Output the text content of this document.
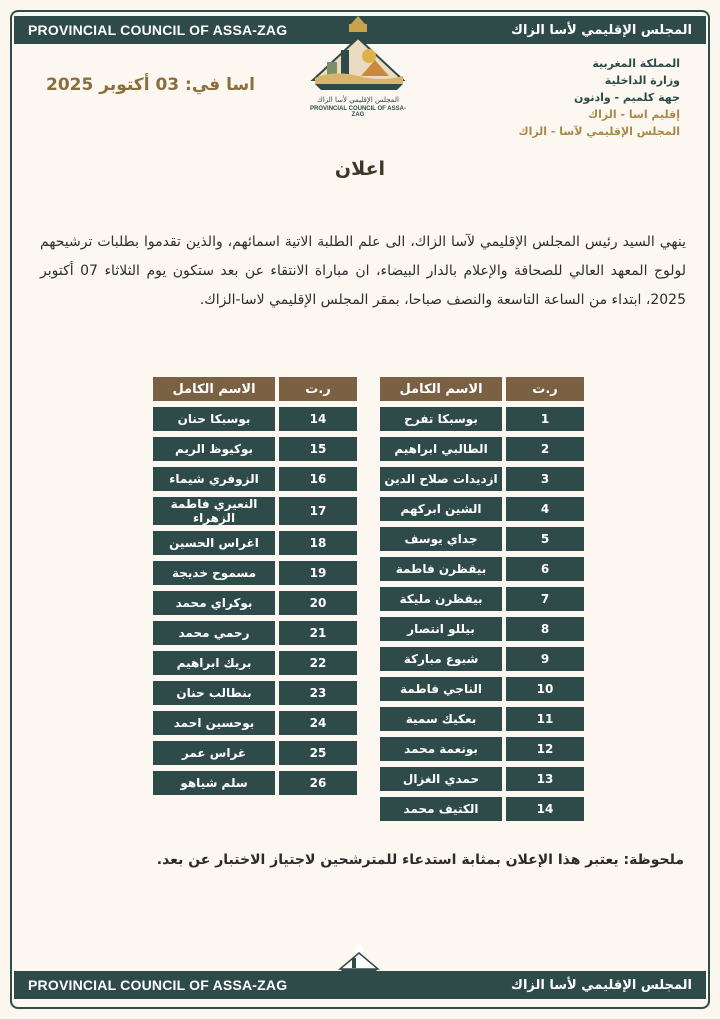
PROVINCIAL COUNCIL OF ASSA-ZAG	المجلس الإقليمي لأسا الزاك
المجلس الإقليمي لأسا الزاك
PROVINCIAL COUNCIL OF ASSA-ZAG
اسا في: 03 أكتوبر 2025
المملكة المغربية
وزارة الداخلية
جهة كلميم - وادنون
إقليم اسا - الزاك
المجلس الإقليمي لآسا - الزاك
اعلان
ينهي السيد رئيس المجلس الإقليمي لآسا الزاك، الى علم الطلبة الاتية اسمائهم، والذين تقدموا بطلبات ترشيحهم لولوج المعهد العالي للصحافة والإعلام بالدار البيضاء، ان مباراة الانتقاء عن بعد ستكون يوم الثلاثاء 07 أكتوبر 2025، ابتداء من الساعة التاسعة والنصف صباحا، بمقر المجلس الإقليمي لاسا-الزاك.
ر.ت		الاسم الكامل
1		بوسبكا تفرح
2		الطالبي ابراهيم
3		ازديدات صلاح الدين
4		الشين ابركهم
5		جداي يوسف
6		بيقظرن فاطمة
7		بيقظرن مليكة
8		بيللو انتصار
9		شبوع مباركة
10		الناجي فاطمة
11		بعكيك سمية
12		بونعمة محمد
13		حمدي الغزال
14		الكتيف محمد
ر.ت		الاسم الكامل
14		بوسبكا حنان
15		بوكيوظ الريم
16		الزوفري شيماء
17		النعيري فاطمة الزهراء
18		اغراس الحسين
19		مسموح خديجة
20		بوكراي محمد
21		رحمي محمد
22		بريك ابراهيم
23		بنطالب حنان
24		بوحسين احمد
25		غراس عمر
26		سلم شياهو
ملحوظة: يعتبر هذا الإعلان بمثابة استدعاء للمترشحين لاجتياز الاختبار عن بعد.
PROVINCIAL COUNCIL OF ASSA-ZAG	المجلس الإقليمي لأسا الزاك
